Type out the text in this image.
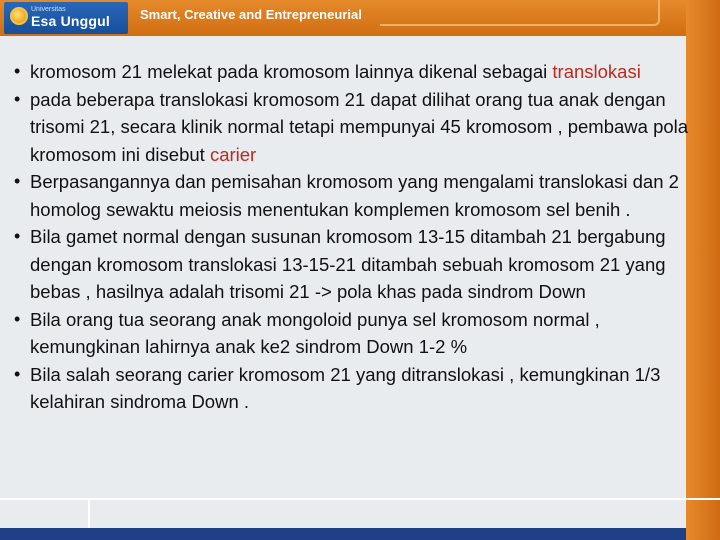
Universitas
Esa Unggul Smart, Creative and Entrepreneurial
• kromosom 21 melekat pada kromosom lainnya dikenal sebagai translokasi
• pada beberapa translokasi kromosom 21 dapat dilihat orang tua anak dengan trisomi 21, secara klinik normal tetapi mempunyai 45 kromosom , pembawa pola kromosom ini disebut carier
• Berpasangannya dan pemisahan kromosom yang mengalami translokasi dan 2 homolog sewaktu meiosis menentukan komplemen kromosom sel benih .
• Bila gamet normal dengan susunan kromosom 13-15 ditambah 21 bergabung dengan kromosom translokasi 13-15-21 ditambah sebuah kromosom 21 yang bebas , hasilnya adalah trisomi 21 -> pola khas pada sindrom Down
• Bila orang tua seorang anak mongoloid punya sel kromosom normal , kemungkinan lahirnya anak ke2 sindrom Down 1-2 %
• Bila salah seorang carier kromosom 21 yang ditranslokasi , kemungkinan 1/3 kelahiran sindroma Down .
